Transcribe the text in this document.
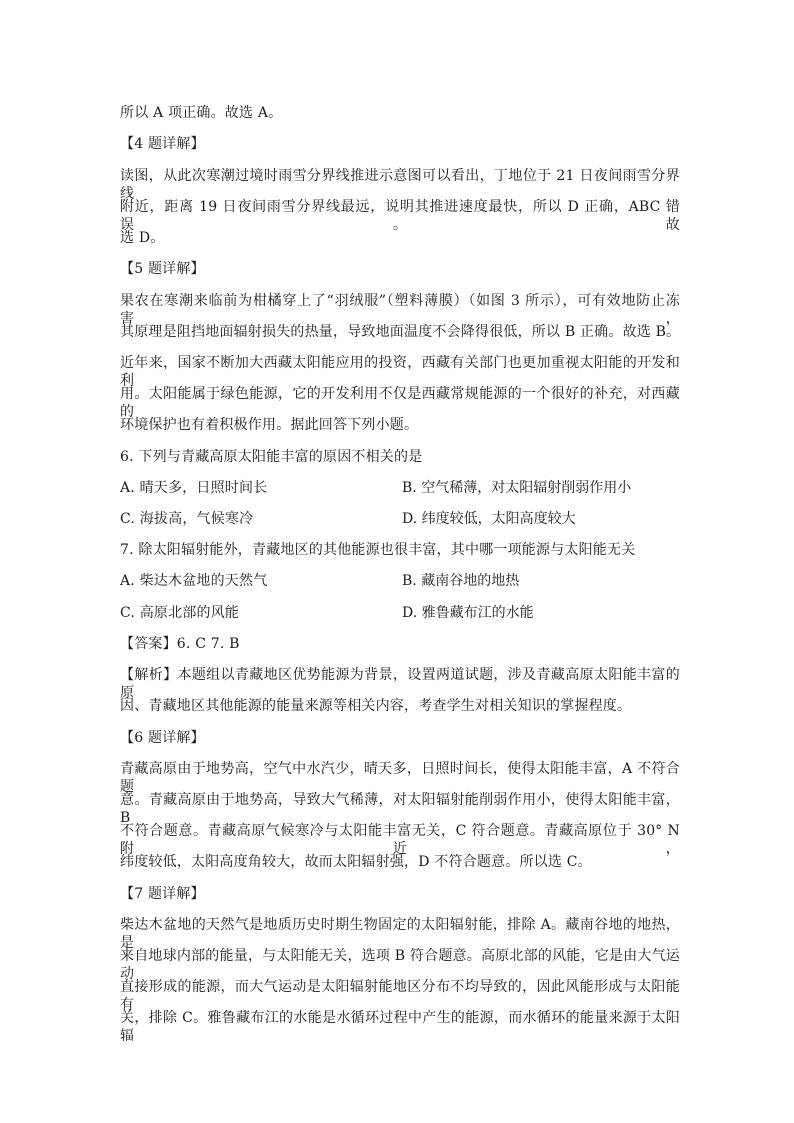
所以 A 项正确。故选 A。
【4 题详解】
读图，从此次寒潮过境时雨雪分界线推进示意图可以看出，丁地位于 21 日夜间雨雪分界线
附近，距离 19 日夜间雨雪分界线最远，说明其推进速度最快，所以 D 正确，ABC 错误。故
选 D。
【5 题详解】
果农在寒潮来临前为柑橘穿上了“羽绒服”（塑料薄膜）（如图 3 所示），可有效地防止冻害，
其原理是阻挡地面辐射损失的热量，导致地面温度不会降得很低，所以 B 正确。故选 B。
近年来，国家不断加大西藏太阳能应用的投资，西藏有关部门也更加重视太阳能的开发和利
用。太阳能属于绿色能源，它的开发利用不仅是西藏常规能源的一个很好的补充，对西藏的
环境保护也有着积极作用。据此回答下列小题。
6. 下列与青藏高原太阳能丰富的原因不相关的是
A. 晴天多，日照时间长	B. 空气稀薄，对太阳辐射削弱作用小
C. 海拔高，气候寒冷	D. 纬度较低，太阳高度较大
7. 除太阳辐射能外，青藏地区的其他能源也很丰富，其中哪一项能源与太阳能无关
A. 柴达木盆地的天然气	B. 藏南谷地的地热
C. 高原北部的风能	D. 雅鲁藏布江的水能
【答案】6. C 7. B
【解析】本题组以青藏地区优势能源为背景，设置两道试题，涉及青藏高原太阳能丰富的原
因、青藏地区其他能源的能量来源等相关内容，考查学生对相关知识的掌握程度。
【6 题详解】
青藏高原由于地势高，空气中水汽少，晴天多，日照时间长，使得太阳能丰富，A 不符合题
意。青藏高原由于地势高，导致大气稀薄，对太阳辐射能削弱作用小，使得太阳能丰富，B
不符合题意。青藏高原气候寒冷与太阳能丰富无关，C 符合题意。青藏高原位于 30° N 附近，
纬度较低，太阳高度角较大，故而太阳辐射强，D 不符合题意。所以选 C。
【7 题详解】
柴达木盆地的天然气是地质历史时期生物固定的太阳辐射能，排除 A。藏南谷地的地热，是
来自地球内部的能量，与太阳能无关，选项 B 符合题意。高原北部的风能，它是由大气运动
直接形成的能源，而大气运动是太阳辐射能地区分布不均导致的，因此风能形成与太阳能有
关，排除 C。雅鲁藏布江的水能是水循环过程中产生的能源，而水循环的能量来源于太阳辐
